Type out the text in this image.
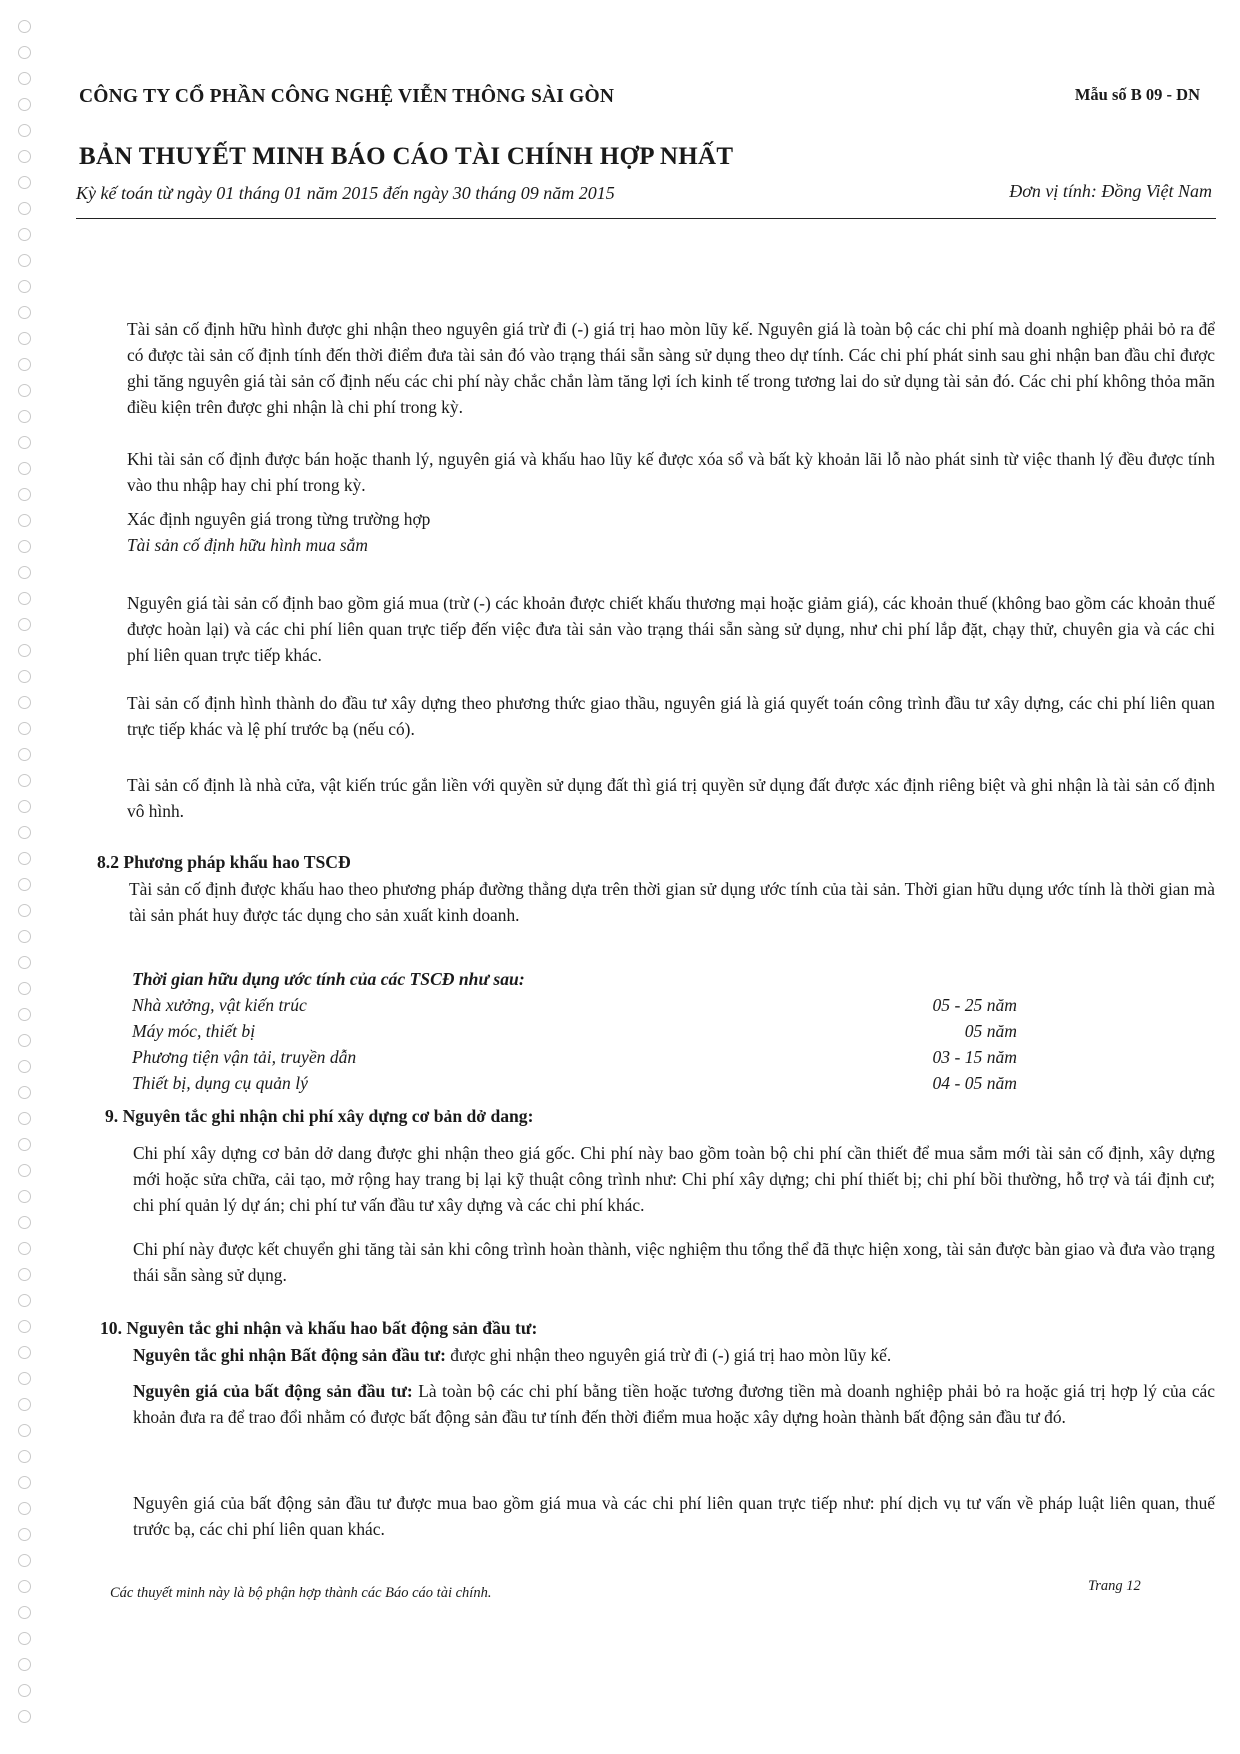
CÔNG TY CỔ PHẦN CÔNG NGHỆ VIỄN THÔNG SÀI GÒN	Mẫu số B 09 - DN
BẢN THUYẾT MINH BÁO CÁO TÀI CHÍNH HỢP NHẤT
Kỳ kế toán từ ngày 01 tháng 01 năm 2015 đến ngày 30 tháng 09 năm 2015	Đơn vị tính: Đồng Việt Nam

Tài sản cố định hữu hình được ghi nhận theo nguyên giá trừ đi (-) giá trị hao mòn lũy kế. Nguyên giá là toàn bộ các chi phí mà doanh nghiệp phải bỏ ra để có được tài sản cố định tính đến thời điểm đưa tài sản đó vào trạng thái sẵn sàng sử dụng theo dự tính. Các chi phí phát sinh sau ghi nhận ban đầu chỉ được ghi tăng nguyên giá tài sản cố định nếu các chi phí này chắc chắn làm tăng lợi ích kinh tế trong tương lai do sử dụng tài sản đó. Các chi phí không thỏa mãn điều kiện trên được ghi nhận là chi phí trong kỳ.

Khi tài sản cố định được bán hoặc thanh lý, nguyên giá và khấu hao lũy kế được xóa sổ và bất kỳ khoản lãi lỗ nào phát sinh từ việc thanh lý đều được tính vào thu nhập hay chi phí trong kỳ.

Xác định nguyên giá trong từng trường hợp
Tài sản cố định hữu hình mua sắm

Nguyên giá tài sản cố định bao gồm giá mua (trừ (-) các khoản được chiết khấu thương mại hoặc giảm giá), các khoản thuế (không bao gồm các khoản thuế được hoàn lại) và các chi phí liên quan trực tiếp đến việc đưa tài sản vào trạng thái sẵn sàng sử dụng, như chi phí lắp đặt, chạy thử, chuyên gia và các chi phí liên quan trực tiếp khác.

Tài sản cố định hình thành do đầu tư xây dựng theo phương thức giao thầu, nguyên giá là giá quyết toán công trình đầu tư xây dựng, các chi phí liên quan trực tiếp khác và lệ phí trước bạ (nếu có).

Tài sản cố định là nhà cửa, vật kiến trúc gắn liền với quyền sử dụng đất thì giá trị quyền sử dụng đất được xác định riêng biệt và ghi nhận là tài sản cố định vô hình.

8.2 Phương pháp khấu hao TSCĐ

Tài sản cố định được khấu hao theo phương pháp đường thẳng dựa trên thời gian sử dụng ước tính của tài sản. Thời gian hữu dụng ước tính là thời gian mà tài sản phát huy được tác dụng cho sản xuất kinh doanh.

Thời gian hữu dụng ước tính của các TSCĐ như sau:
Nhà xưởng, vật kiến trúc	05 - 25 năm
Máy móc, thiết bị	05 năm
Phương tiện vận tải, truyền dẫn	03 - 15 năm
Thiết bị, dụng cụ quản lý	04 - 05 năm
9. Nguyên tắc ghi nhận chi phí xây dựng cơ bản dở dang:

Chi phí xây dựng cơ bản dở dang được ghi nhận theo giá gốc. Chi phí này bao gồm toàn bộ chi phí cần thiết để mua sắm mới tài sản cố định, xây dựng mới hoặc sửa chữa, cải tạo, mở rộng hay trang bị lại kỹ thuật công trình như: Chi phí xây dựng; chi phí thiết bị; chi phí bồi thường, hỗ trợ và tái định cư; chi phí quản lý dự án; chi phí tư vấn đầu tư xây dựng và các chi phí khác.

Chi phí này được kết chuyển ghi tăng tài sản khi công trình hoàn thành, việc nghiệm thu tổng thể đã thực hiện xong, tài sản được bàn giao và đưa vào trạng thái sẵn sàng sử dụng.

10. Nguyên tắc ghi nhận và khấu hao bất động sản đầu tư:

Nguyên tắc ghi nhận Bất động sản đầu tư: được ghi nhận theo nguyên giá trừ đi (-) giá trị hao mòn lũy kế.

Nguyên giá của bất động sản đầu tư: Là toàn bộ các chi phí bằng tiền hoặc tương đương tiền mà doanh nghiệp phải bỏ ra hoặc giá trị hợp lý của các khoản đưa ra để trao đổi nhằm có được bất động sản đầu tư tính đến thời điểm mua hoặc xây dựng hoàn thành bất động sản đầu tư đó.

Nguyên giá của bất động sản đầu tư được mua bao gồm giá mua và các chi phí liên quan trực tiếp như: phí dịch vụ tư vấn về pháp luật liên quan, thuế trước bạ, các chi phí liên quan khác.

Các thuyết minh này là bộ phận hợp thành các Báo cáo tài chính.	Trang 12
